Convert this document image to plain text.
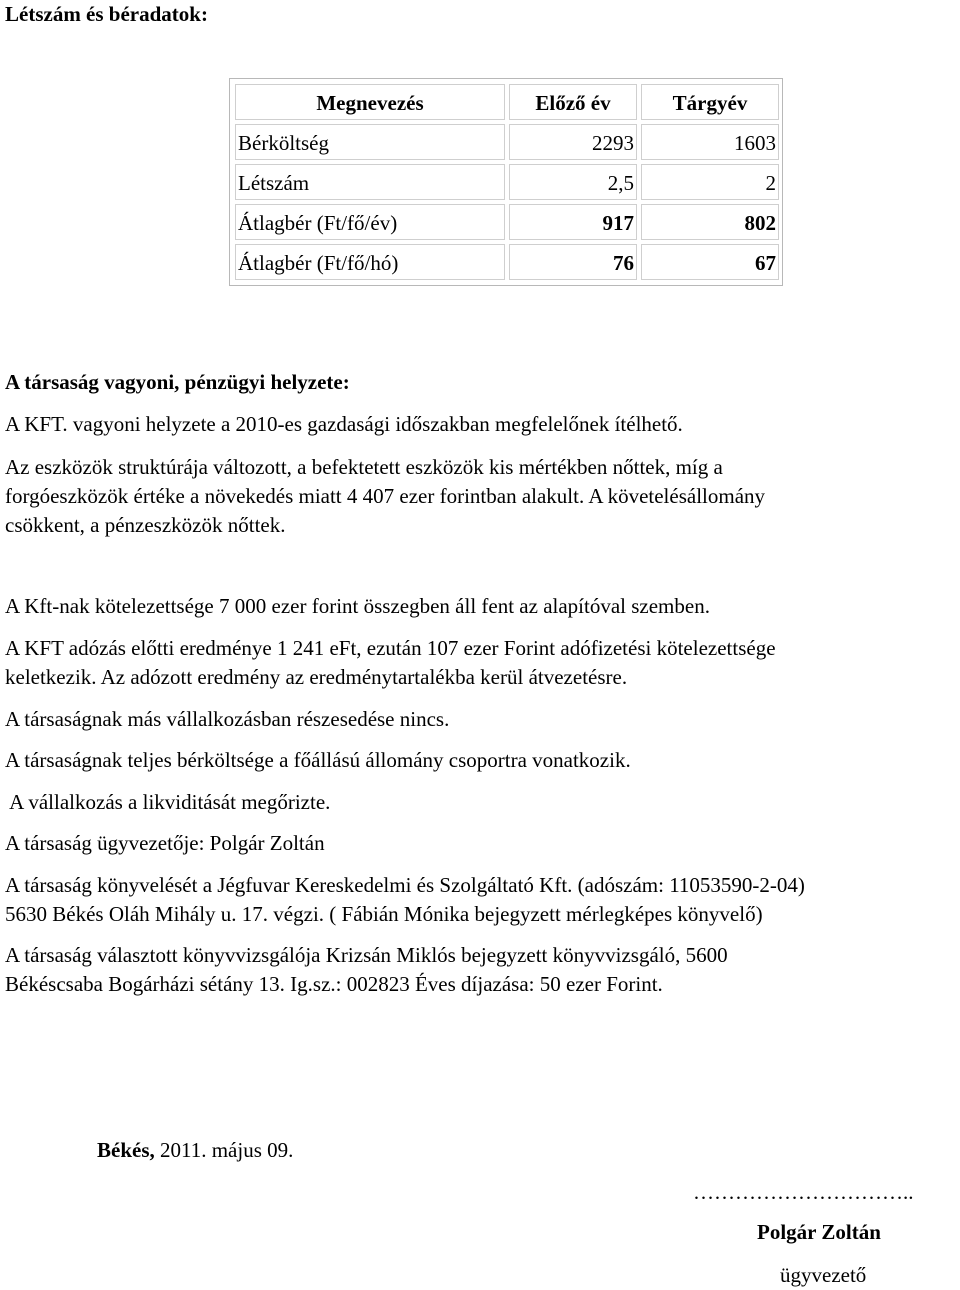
Létszám és béradatok:
Megnevezés	Előző év	Tárgyév
Bérköltség	2293	1603
Létszám	2,5	2
Átlagbér (Ft/fő/év)	917	802
Átlagbér (Ft/fő/hó)	76	67
A társaság vagyoni, pénzügyi helyzete:
A KFT. vagyoni helyzete a 2010-es gazdasági időszakban megfelelőnek ítélhető.
Az eszközök struktúrája változott, a befektetett eszközök kis mértékben nőttek, míg a
forgóeszközök értéke a növekedés miatt 4 407 ezer forintban alakult. A követelésállomány
csökkent, a pénzeszközök nőttek.
A Kft-nak kötelezettsége 7 000 ezer forint összegben áll fent az alapítóval szemben.
A KFT adózás előtti eredménye 1 241 eFt, ezután 107 ezer Forint adófizetési kötelezettsége
keletkezik. Az adózott eredmény az eredménytartalékba kerül átvezetésre.
A társaságnak más vállalkozásban részesedése nincs.
A társaságnak teljes bérköltsége a főállású állomány csoportra vonatkozik.
A vállalkozás a likviditását megőrizte.
A társaság ügyvezetője: Polgár Zoltán
A társaság könyvelését a Jégfuvar Kereskedelmi és Szolgáltató Kft. (adószám: 11053590-2-04)
5630 Békés Oláh Mihály u. 17. végzi. ( Fábián Mónika bejegyzett mérlegképes könyvelő)
A társaság választott könyvvizsgálója Krizsán Miklós bejegyzett könyvvizsgáló, 5600
Békéscsaba Bogárházi sétány 13. Ig.sz.: 002823 Éves díjazása: 50 ezer Forint.
Békés, 2011. május 09.
…………………………..
Polgár Zoltán
ügyvezető
